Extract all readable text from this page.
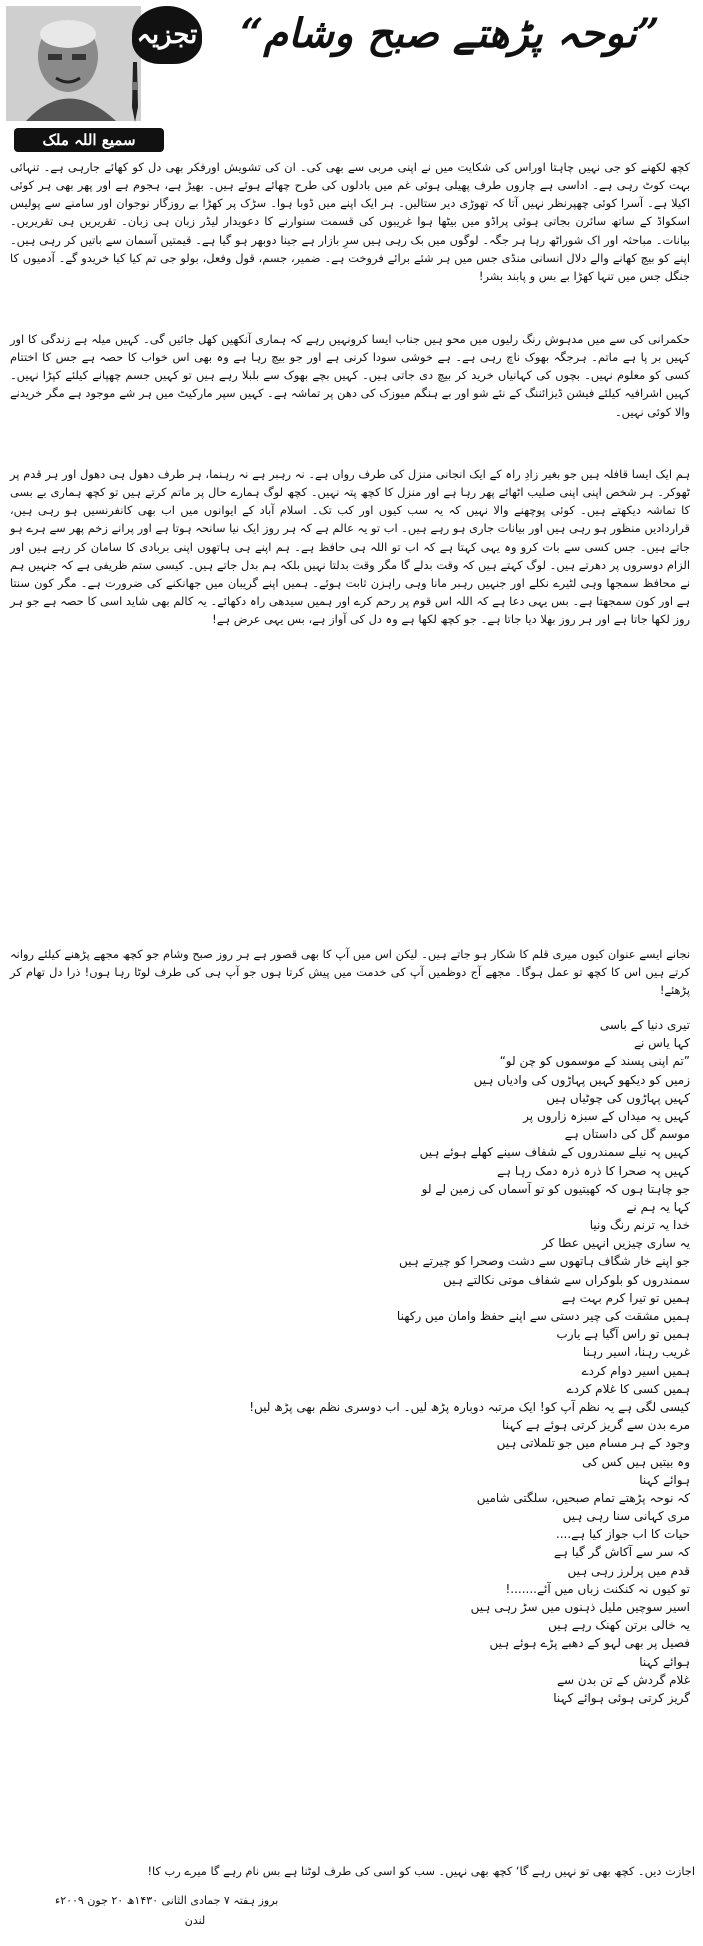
تجزیہ
سمیع اللہ ملک
”نوحہ پڑھتے صبح وشام“

کچھ لکھنے کو جی نہیں چاہتا اوراس کی شکایت میں نے اپنی مربی سے بھی کی۔ ان کی تشویش اورفکر بھی دل کو کھائے جارہی ہے۔ تنہائی بہت کوٹ رہی ہے۔ اداسی ہے چاروں طرف پھیلی ہوئی غم میں بادلوں کی طرح چھائے ہوئے ہیں۔ بھیڑ ہے، ہجوم ہے اور پھر بھی ہر کوئی اکیلا ہے۔ آسرا کوئی چھپرنظر نہیں آتا کہ تھوڑی دیر ستالیں۔ ہر ایک اپنے میں ڈوبا ہوا۔ سڑک پر کھڑا بے روزگار نوجوان اور سامنے سے پولیس اسکواڈ کے ساتھ سائرن بجاتی ہوئی پراڈو میں بیٹھا ہوا غریبوں کی قسمت سنوارنے کا دعویدار لیڈر زبان ہی زبان۔ تقریریں ہی تقریریں۔ بیانات۔ مباحثہ اور اک شوراٹھ رہا ہر جگہ۔ لوگوں میں بک رہی ہیں سرِ بازار ہے جینا دوبھر ہو گیا ہے۔ قیمتیں آسمان سے باتیں کر رہی ہیں۔ اپنے کو بیچ کھانے والے دلال انسانی منڈی جس میں ہر شئے برائے فروخت ہے۔ ضمیر، جسم، قول وفعل، بولو جی تم کیا کیا خریدو گے۔ آدمیوں کا جنگل جس میں تنہا کھڑا بے بس و پابند بشر!

حکمرانی کی سے میں مدہوش رنگ رلیوں میں محو ہیں جناب ایسا کرونہیں رہے کہ ہماری آنکھیں کھل جائیں گی۔ کہیں میلہ ہے زندگی کا اور کہیں بر پا ہے ماتم۔ ہرجگہ بھوک ناچ رہی ہے۔ ہے خوشی سودا کرنی ہے اور جو بیچ رہا ہے وہ بھی اس خواب کا حصہ ہے جس کا اختتام کسی کو معلوم نہیں۔ بچوں کی کہانیاں خرید کر بیچ دی جاتی ہیں۔ کہیں بچے بھوک سے بلبلا رہے ہیں تو کہیں جسم چھپانے کیلئے کپڑا نہیں۔ کہیں اشرافیہ کیلئے فیشن ڈیزائننگ کے نئے شو اور بے ہنگم میوزک کی دھن پر تماشہ ہے۔ کہیں سپر مارکیٹ میں ہر شے موجود ہے مگر خریدنے والا کوئی نہیں۔

ہم ایک ایسا قافلہ ہیں جو بغیر زادِ راہ کے ایک انجانی منزل کی طرف رواں ہے۔ نہ رہبر ہے نہ رہنما، ہر طرف دھول ہی دھول اور ہر قدم پر ٹھوکر۔ ہر شخص اپنی اپنی صلیب اٹھائے پھر رہا ہے اور منزل کا کچھ پتہ نہیں۔ کچھ لوگ ہمارے حال پر ماتم کرتے ہیں تو کچھ ہماری بے بسی کا تماشہ دیکھتے ہیں۔ کوئی پوچھنے والا نہیں کہ یہ سب کیوں اور کب تک۔ اسلام آباد کے ایوانوں میں اب بھی کانفرنسیں ہو رہی ہیں، قراردادیں منظور ہو رہی ہیں اور بیانات جاری ہو رہے ہیں۔ اب تو یہ عالم ہے کہ ہر روز ایک نیا سانحہ ہوتا ہے اور پرانے زخم پھر سے ہرے ہو جاتے ہیں۔ جس کسی سے بات کرو وہ یہی کہتا ہے کہ اب تو اللہ ہی حافظ ہے۔ ہم اپنے ہی ہاتھوں اپنی بربادی کا سامان کر رہے ہیں اور الزام دوسروں پر دھرتے ہیں۔ لوگ کہتے ہیں کہ وقت بدلے گا مگر وقت بدلتا نہیں بلکہ ہم بدل جاتے ہیں۔ کیسی ستم ظریفی ہے کہ جنہیں ہم نے محافظ سمجھا وہی لٹیرے نکلے اور جنہیں رہبر مانا وہی راہزن ثابت ہوئے۔ ہمیں اپنے گریبان میں جھانکنے کی ضرورت ہے۔ مگر کون سنتا ہے اور کون سمجھتا ہے۔ بس یہی دعا ہے کہ اللہ اس قوم پر رحم کرے اور ہمیں سیدھی راہ دکھائے۔ یہ کالم بھی شاید اسی کا حصہ ہے جو ہر روز لکھا جاتا ہے اور ہر روز بھلا دیا جاتا ہے۔ جو کچھ لکھا ہے وہ دل کی آواز ہے، بس یہی عرض ہے!

نجانے ایسے عنوان کیوں میری قلم کا شکار ہو جاتے ہیں۔ لیکن اس میں آپ کا بھی قصور ہے ہر روز صبح وشام جو کچھ مجھے پڑھنے کیلئے روانہ کرتے ہیں اس کا کچھ تو عمل ہوگا۔ مجھے آج دوظمیں آپ کی خدمت میں پیش کرتا ہوں جو آپ ہی کی طرف لوٹا رہا ہوں! ذرا دل تھام کر پڑھئے!

تیری دنیا کے باسی
کہا یاس نے
”تم اپنی پسند کے موسموں کو چن لو“
زمیں کو دیکھو کہیں پہاڑوں کی وادیاں ہیں
کہیں پہاڑوں کی چوٹیاں ہیں
کہیں یہ میداں کے سبزہ زاروں پر
موسم گل کی داستاں ہے
کہیں پہ نیلے سمندروں کے شفاف سینے کھلے ہوئے ہیں
کہیں پہ صحرا کا ذرہ ذرہ دمک رہا ہے
جو چاہتا ہوں کہ کھیتیوں کو تو آسماں کی زمین لے لو
کہا یہ ہم نے
خدا یہ ترنم رنگ ونیا
یہ ساری چیزیں انہیں عطا کر
جو اپنے خار شگاف ہاتھوں سے دشت وصحرا کو چیرتے ہیں
سمندروں کو بلوکراں سے شفاف موتی نکالتے ہیں
ہمیں تو تیرا کرم بہت ہے
ہمیں مشقت کی چیر دستی سے اپنے حفظ وامان میں رکھنا
ہمیں تو راس آگیا ہے یارب
غریب رہنا، اسیر رہنا
ہمیں اسیر دوام کردے
ہمیں کسی کا غلام کردے
کیسی لگی ہے یہ نظم آپ کو! ایک مرتبہ دوبارہ پڑھ لیں۔ اب دوسری نظم بھی پڑھ لیں!
مرے بدن سے گریز کرتی ہوئے ہے کہنا
وجود کے ہر مسام میں جو تلملاتی ہیں
وہ بیتیں ہیں کس کی
ہوائے کہنا
کہ نوحہ پڑھتے تمام صبحیں، سلگتی شامیں
مری کہانی سنا رہی ہیں
حیات کا اب جواز کیا ہے....
کہ سر سے آکاش گر گیا ہے
قدم میں پرلرز رہی ہیں
تو کیوں نہ کنکنت زباں میں آئے.......!
اسیر سوچیں ملیل ذہنوں میں سڑ رہی ہیں
یہ خالی برتن کھنک رہے ہیں
فصیل پر بھی لہو کے دھبے پڑے ہوئے ہیں
ہوائے کہنا
غلام گردش کے تن بدن سے
گریز کرتی ہوئی ہوائے کہنا
اجازت دیں۔ کچھ بھی تو نہیں رہے گا‘ کچھ بھی نہیں۔ سب کو اسی کی طرف لوٹنا ہے بس نام رہے گا میرے رب کا!
بروز ہفتہ ۷ جمادی الثانی ۱۴۳۰ھ ۲۰ جون ۲۰۰۹ء
لندن
